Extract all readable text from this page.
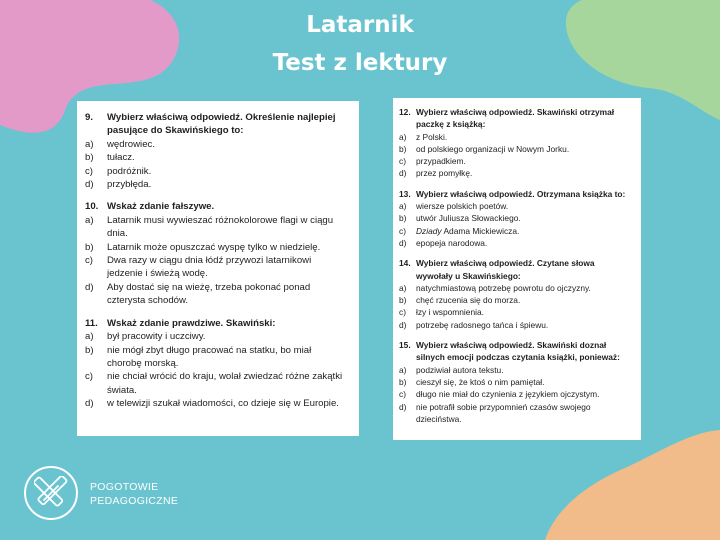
Latarnik
Test z lektury
9.	Wybierz właściwą odpowiedź. Określenie najlepiej pasujące do Skawińskiego to:
a)	wędrowiec.
b)	tułacz.
c)	podróżnik.
d)	przybłęda.
10. Wskaż zdanie fałszywe.
a)	Latarnik musi wywieszać różnokolorowe flagi w ciągu dnia.
b)	Latarnik może opuszczać wyspę tylko w niedzielę.
c)	Dwa razy w ciągu dnia łódź przywozi latarnikowi jedzenie i świeżą wodę.
d)	Aby dostać się na wieżę, trzeba pokonać ponad czterysta schodów.
11. Wskaż zdanie prawdziwe. Skawiński:
a)	był pracowity i uczciwy.
b)	nie mógł zbyt długo pracować na statku, bo miał chorobę morską.
c)	nie chciał wrócić do kraju, wolał zwiedzać różne zakątki świata.
d)	w telewizji szukał wiadomości, co dzieje się w Europie.
12. Wybierz właściwą odpowiedź. Skawiński otrzymał paczkę z książką:
a)	z Polski.
b)	od polskiego organizacji w Nowym Jorku.
c)	przypadkiem.
d)	przez pomyłkę.
13. Wybierz właściwą odpowiedź. Otrzymana książka to:
a)	wiersze polskich poetów.
b)	utwór Juliusza Słowackiego.
c)	Dziady Adama Mickiewicza.
d)	epopeja narodowa.
14. Wybierz właściwą odpowiedź. Czytane słowa wywołały u Skawińskiego:
a)	natychmiastową potrzebę powrotu do ojczyzny.
b)	chęć rzucenia się do morza.
c)	łzy i wspomnienia.
d)	potrzebę radosnego tańca i śpiewu.
15. Wybierz właściwą odpowiedź. Skawiński doznał silnych emocji podczas czytania książki, ponieważ:
a)	podziwiał autora tekstu.
b)	cieszył się, że ktoś o nim pamiętał.
c)	długo nie miał do czynienia z językiem ojczystym.
d)	nie potrafił sobie przypomnień czasów swojego dzieciństwa.
POGOTOWIE
PEDAGOGICZNE
